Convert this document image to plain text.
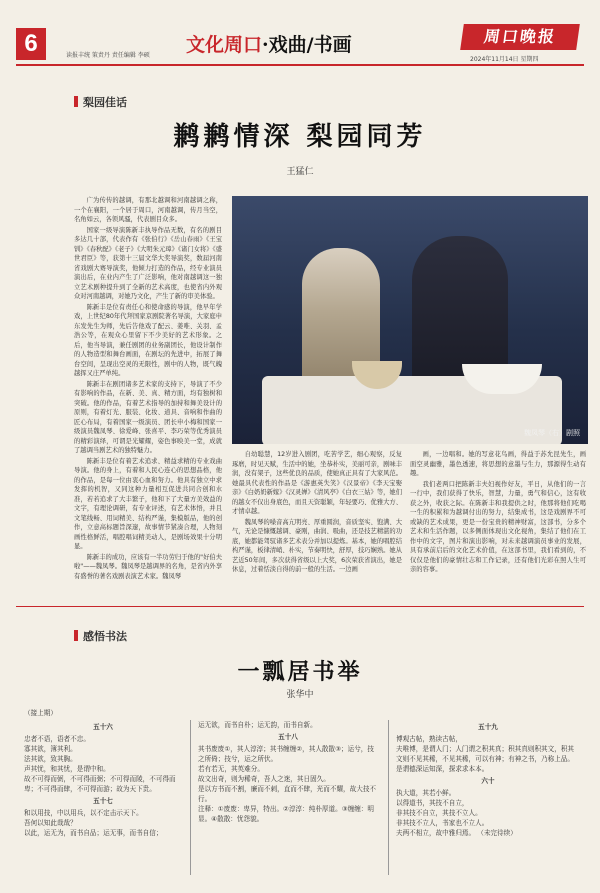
6	读报丰统 策责丹 责任编辑 李硕 文化周口·戏曲/书画	周口晚报
2024年11月14日 星期四
梨园佳话
鹣鹣情深 梨园同芳
王猛仁

广为传传的越调，有那北越调和河南越调之称，一个在襄阳，一个居于周口，河南越调，传月当空，名角如云，各领风骚，代表剧目众多。

国家一级导演陈新丰执导作品无数，有名的剧目多达几十部，代表作有《张伯行》《岳山春雨》《王宝钏》《春秋配》《老子》《大明朱元璋》《诸门女将》《盛世君臣》等，获第十三届文华大奖导演奖，数届河南省戏剧大赛导演奖，他倾力打造的作品，经专业演员演出后，在业内产生了广泛影响，他对南越调这一独立艺术剧种提升到了全新的艺术高度，也使省内外观众对河南越调，对她乃文化，产生了新的审美体验。

陈新丰是位有责任心和使命感的导演，他早年学戏，上世纪80年代拜国家京剧院著名导演，大家庭申东发先生为师，先后告他戏了配云、姜唯、关羽、孟浩公等，在观众心里留下不少美好的艺术形象。之后，他当导演，兼任剧团的业务副团长，他设计制作的人物造型和舞台画面，在剧坛的先进中，拓展了舞台空间，呈现出空灵的无限性，剧中的人物，既气魄越挥又庄严单纯。

陈新丰在剧团诸多艺术家的支持下，导演了不少有影响的作品，在新、美、真、精方面，均有独树和突破。他的作品，有着艺术指导的加持和舞美设计的原则，有着灯光、服装、化妆、道具、音响和作曲的匠心布局，有着国家一级演员、团长申小梅和国家一级演员魏凤琴、徐爱峰、张喜平、李巧荣等优秀演员的精彩演绎，可谓是光耀耀，姿色事映美一堂，成就了越调当剧艺术的独特魅力。

陈新丰是位有着艺术追求、精益求精的专业戏曲导演。他的身上，有着和人民心连心的思想品格，他的作品，是每一位由衷心血和努力。他具有独立中求发挥的机智，又同这种力量相互促进共同合创和水准，若若追求了大丰繁子，他和下了大量方美效益的文字，有理论调研，有专业评述，有艺术体悟，并且文笔线畅、用词精美、结构严谨，集模版品，他的创作，立意高标题旨深邃，故事情节紧凑合理，人物刻画性格鲜活，唱腔唱词精美动人，是剧场效果十分明显。

陈新丰的成功，应该有一半功劳归于他的"好伯夫啦"——魏凤琴。魏凤琴是越调界的名角，是省内外享有盛誉的著名戏剧表演艺术家。魏凤琴

魏凤琴（右）剧照

自幼聪慧，12岁进入剧团，吃苦学艺，细心观察，反复琢磨，时见天赋，生活中的她，坐恭朴实，美丽可亲，剧味丰润，没有架子，这些优良的品质，使她真正具有了大家风范。她最具代表性的作品是《游惠英失笑》《汉景帝》《李天宝娶亲》《白奶奶新嫁》《汉灵婵》《清风亭》《白衣三姑》等，她们的越女不仅出身底色，而且天资聪颖，年轻要巧、优雅大方、才情卓越。

魏凤琴的嗓音高亢明亮、厚重圆润，音质坚实、饱满、大气，无论是慷慨越调、豪刚，曲润、吸曲，还是技艺精湛的功底，她都能驾驭诸多艺术表分并加以提炼。基本，她的唱腔结构严谨，板律清峭、朴实，节奏明快，舒厚，技巧娴熟。她从艺近50年间，多次获得省级以上大奖，6次荣获省演出，她是休息，过着恬淡自得的前一般的生活。一边画

画，一边唱和。她的写意花鸟画，得益于苏允昆先生，画面空灵幽雅，墨色透速，将思想的意墨与生力，那源得生动有趣。

我们老两口把陈新丰夫妇视作好友，平日，从他们的一言一行中，我们获得了快乐，智慧，力量，勇气和信心，这有收获之外，收获之际。在陈新丰和我提供之时，他那将他们吃喝一生的积累和为越调付出的努力，结集成书，这是戏剧界不可或缺的艺术成果，更是一份宝贵的精神财富，这部书，分多个艺术和生活作题，以多侧面体现出文化视角，集结了他们在工作中的文字，图片和演出影响，对未来越调演员事业的发展，具有承前启后的文化艺术价值，在这部书里，我们看到的，不仅仅是他们的豪情壮志和工作记录，还有他们光彩在照人生可亲的容事。

感悟书法
一瓢居书举
张华中
（接上期）
五十六

忠者不语，语者不忠。

寡其欲，簿其利。

法其欲，致其胸。

声其忧，和其忧，是谓中和。

故不可得而弼，不可得而弼；不可得而陵，不可得而卑；不可得而肆，不可得而游；故为天下贵。

五十七

和以用技，中以用兵，以不定击示天下。

吾何以知此哉哉？

以此，运无为，而书自品；运无事，而书自信；

运无欲，而书自朴；运无韵，而书自新。

五十八

其书废废①，其人淳淳；其书缠缠②，其人散散③；运兮，技之所倚；技兮，运之所伏。

若有若无，其英难分。

故文出奇，则为稀奇，吾人之迷，其日固久。

是以方书而不割，廉而不刺，直而不肆，光而不耀，故大技不行。

注释：①废废：卑异，特出。②淳淳：纯朴厚道。③缠缠：明显。④散散：忧怨貌。

五十九

博观古帖，熟读古帖，

夫唯博，是谓人门；人门谓之积其真；积其真则积其文，积其文则不见其稀，不见其稀，可以有神；有神之书，乃称上品。

是谓德深运知深，探求求本本。

六十

执大道，其若小鲜。

以得道书，其技不自立，

非其技不自立，其技不立人。

非其技不立人，书家也不立人。

夫两不相立，故中雅归焉。 （未完待续）
